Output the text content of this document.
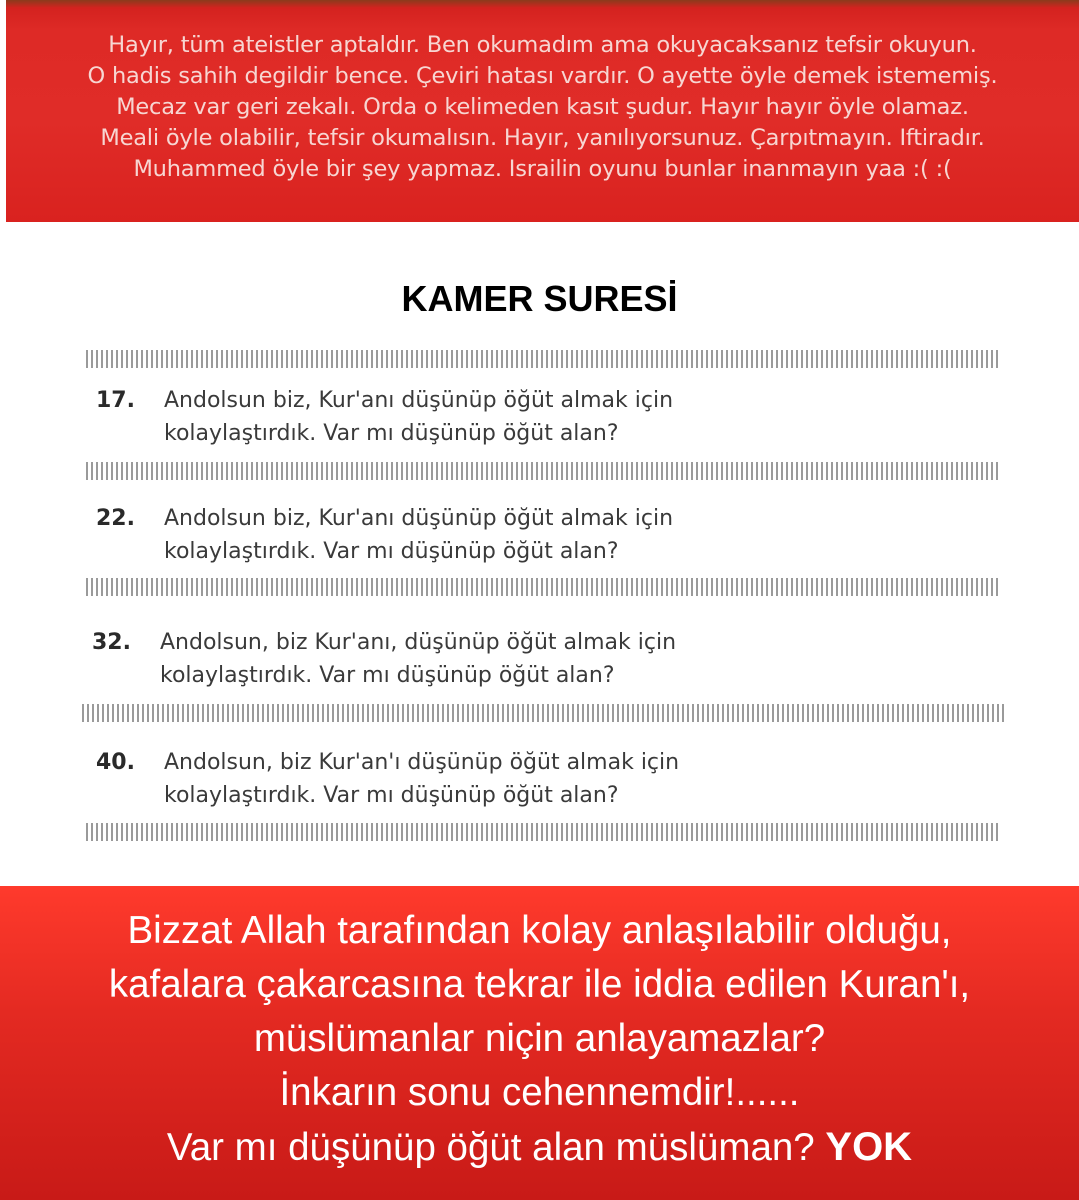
Hayır, tüm ateistler aptaldır. Ben okumadım ama okuyacaksanız tefsir okuyun.
O hadis sahih degildir bence. Çeviri hatası vardır. O ayette öyle demek istememiş.
Mecaz var geri zekalı. Orda o kelimeden kasıt şudur. Hayır hayır öyle olamaz.
Meali öyle olabilir, tefsir okumalısın. Hayır, yanılıyorsunuz. Çarpıtmayın. Iftiradır.
Muhammed öyle bir şey yapmaz. Israilin oyunu bunlar inanmayın yaa :( :(
KAMER SURESİ
17. Andolsun biz, Kur'anı düşünüp öğüt almak için
kolaylaştırdık. Var mı düşünüp öğüt alan?
22. Andolsun biz, Kur'anı düşünüp öğüt almak için
kolaylaştırdık. Var mı düşünüp öğüt alan?
32. Andolsun, biz Kur'anı, düşünüp öğüt almak için
kolaylaştırdık. Var mı düşünüp öğüt alan?
40. Andolsun, biz Kur'an'ı düşünüp öğüt almak için
kolaylaştırdık. Var mı düşünüp öğüt alan?
Bizzat Allah tarafından kolay anlaşılabilir olduğu,
kafalara çakarcasına tekrar ile iddia edilen Kuran'ı,
müslümanlar niçin anlayamazlar?
İnkarın sonu cehennemdir!......
Var mı düşünüp öğüt alan müslüman? YOK
